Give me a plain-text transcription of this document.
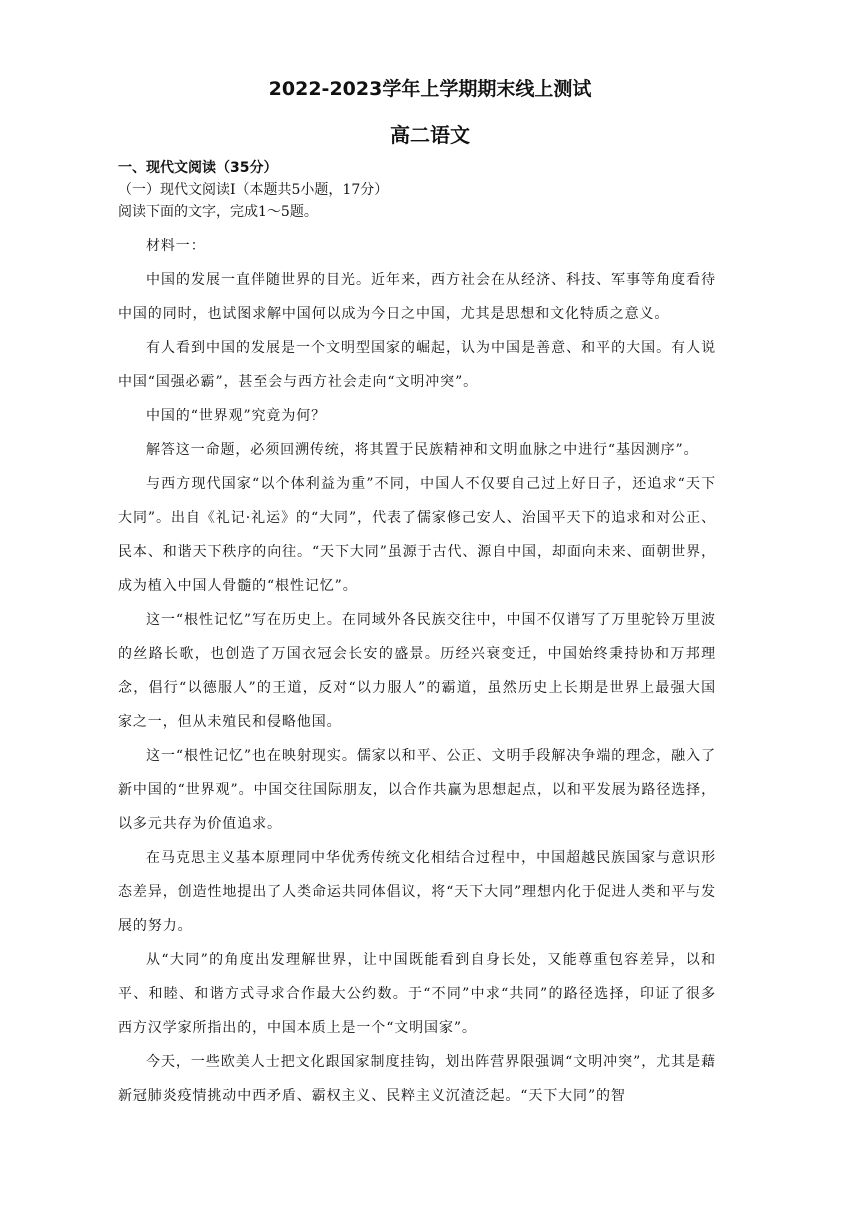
2022-2023学年上学期期末线上测试
高二语文

一、现代文阅读（35分）

（一）现代文阅读Ⅰ（本题共5小题，17分）

阅读下面的文字，完成1～5题。

材料一：

中国的发展一直伴随世界的目光。近年来，西方社会在从经济、科技、军事等角度看待中国的同时，也试图求解中国何以成为今日之中国，尤其是思想和文化特质之意义。

有人看到中国的发展是一个文明型国家的崛起，认为中国是善意、和平的大国。有人说中国“国强必霸”，甚至会与西方社会走向“文明冲突”。

中国的“世界观”究竟为何？

解答这一命题，必须回溯传统，将其置于民族精神和文明血脉之中进行“基因测序”。

与西方现代国家“以个体利益为重”不同，中国人不仅要自己过上好日子，还追求“天下大同”。出自《礼记·礼运》的“大同”，代表了儒家修己安人、治国平天下的追求和对公正、民本、和谐天下秩序的向往。“天下大同”虽源于古代、源自中国，却面向未来、面朝世界，成为植入中国人骨髓的“根性记忆”。

这一“根性记忆”写在历史上。在同域外各民族交往中，中国不仅谱写了万里驼铃万里波的丝路长歌，也创造了万国衣冠会长安的盛景。历经兴衰变迁，中国始终秉持协和万邦理念，倡行“以德服人”的王道，反对“以力服人”的霸道，虽然历史上长期是世界上最强大国家之一，但从未殖民和侵略他国。

这一“根性记忆”也在映射现实。儒家以和平、公正、文明手段解决争端的理念，融入了新中国的“世界观”。中国交往国际朋友，以合作共赢为思想起点，以和平发展为路径选择，以多元共存为价值追求。

在马克思主义基本原理同中华优秀传统文化相结合过程中，中国超越民族国家与意识形态差异，创造性地提出了人类命运共同体倡议，将“天下大同”理想内化于促进人类和平与发展的努力。

从“大同”的角度出发理解世界，让中国既能看到自身长处，又能尊重包容差异，以和平、和睦、和谐方式寻求合作最大公约数。于“不同”中求“共同”的路径选择，印证了很多西方汉学家所指出的，中国本质上是一个“文明国家”。

今天，一些欧美人士把文化跟国家制度挂钩，划出阵营界限强调“文明冲突”，尤其是藉新冠肺炎疫情挑动中西矛盾、霸权主义、民粹主义沉渣泛起。“天下大同”的智
